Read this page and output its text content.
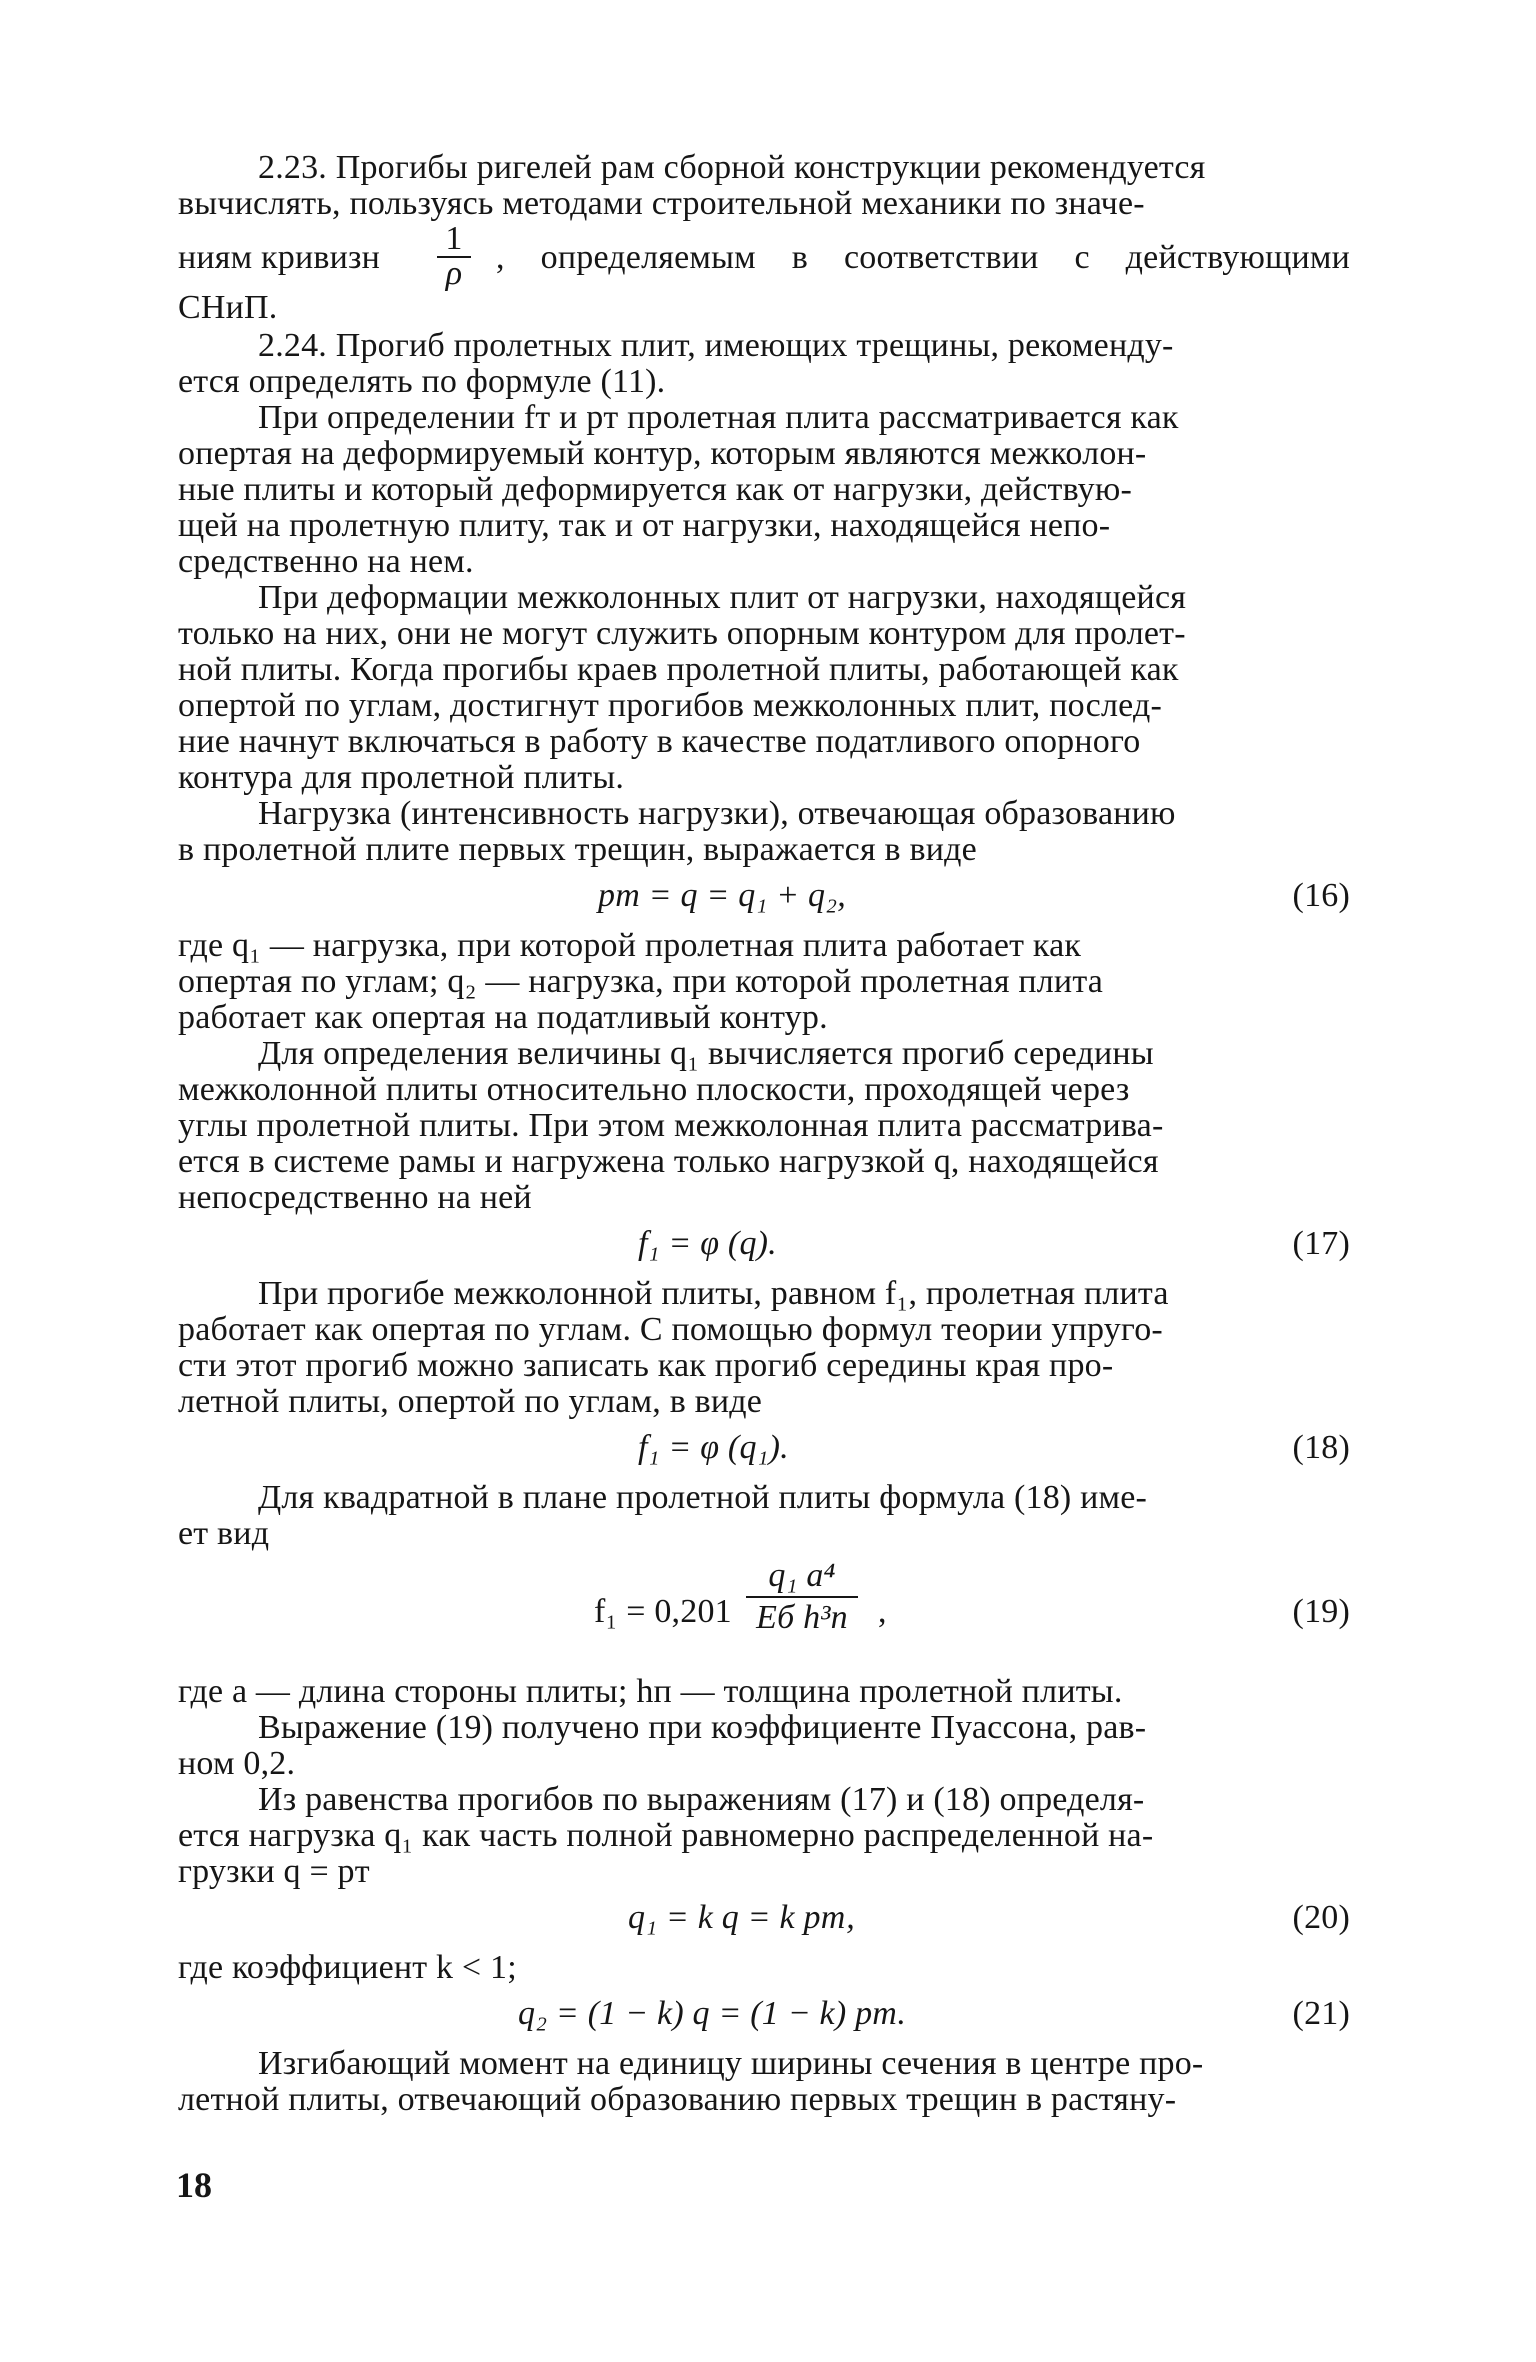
2.23. Прогибы ригелей рам сборной конструкции рекомендуется
вычислять, пользуясь методами строительной механики по значе-
ниям кривизн
1
ρ , определяемым в соответствии с действующими
СНиП.
2.24. Прогиб пролетных плит, имеющих трещины, рекоменду-
ется определять по формуле (11).
При определении fт и pт пролетная плита рассматривается как
опертая на деформируемый контур, которым являются межколон-
ные плиты и который деформируется как от нагрузки, действую-
щей на пролетную плиту, так и от нагрузки, находящейся непо-
средственно на нем.
При деформации межколонных плит от нагрузки, находящейся
только на них, они не могут служить опорным контуром для пролет-
ной плиты. Когда прогибы краев пролетной плиты, работающей как
опертой по углам, достигнут прогибов межколонных плит, послед-
ние начнут включаться в работу в качестве податливого опорного
контура для пролетной плиты.
Нагрузка (интенсивность нагрузки), отвечающая образованию
в пролетной плите первых трещин, выражается в виде
pт = q = q₁ + q₂,	(16)
где q₁ — нагрузка, при которой пролетная плита работает как
опертая по углам; q₂ — нагрузка, при которой пролетная плита
работает как опертая на податливый контур.
Для определения величины q₁ вычисляется прогиб середины
межколонной плиты относительно плоскости, проходящей через
углы пролетной плиты. При этом межколонная плита рассматрива-
ется в системе рамы и нагружена только нагрузкой q, находящейся
непосредственно на ней
f₁ = φ (q).	(17)
При прогибе межколонной плиты, равном f₁, пролетная плита
работает как опертая по углам. С помощью формул теории упруго-
сти этот прогиб можно записать как прогиб середины края про-
летной плиты, опертой по углам, в виде
f₁ = φ (q₁).	(18)
Для квадратной в плане пролетной плиты формула (18) име-
ет вид
f₁ = 0,201
q₁ a⁴
Eб h³п ,	(19)
где a — длина стороны плиты; hп — толщина пролетной плиты.
Выражение (19) получено при коэффициенте Пуассона, рав-
ном 0,2.
Из равенства прогибов по выражениям (17) и (18) определя-
ется нагрузка q₁ как часть полной равномерно распределенной на-
грузки q = pт
q₁ = k q = k pт,	(20)
где коэффициент k < 1;
q₂ = (1 − k) q = (1 − k) pт.	(21)
Изгибающий момент на единицу ширины сечения в центре про-
летной плиты, отвечающий образованию первых трещин в растяну-
18
